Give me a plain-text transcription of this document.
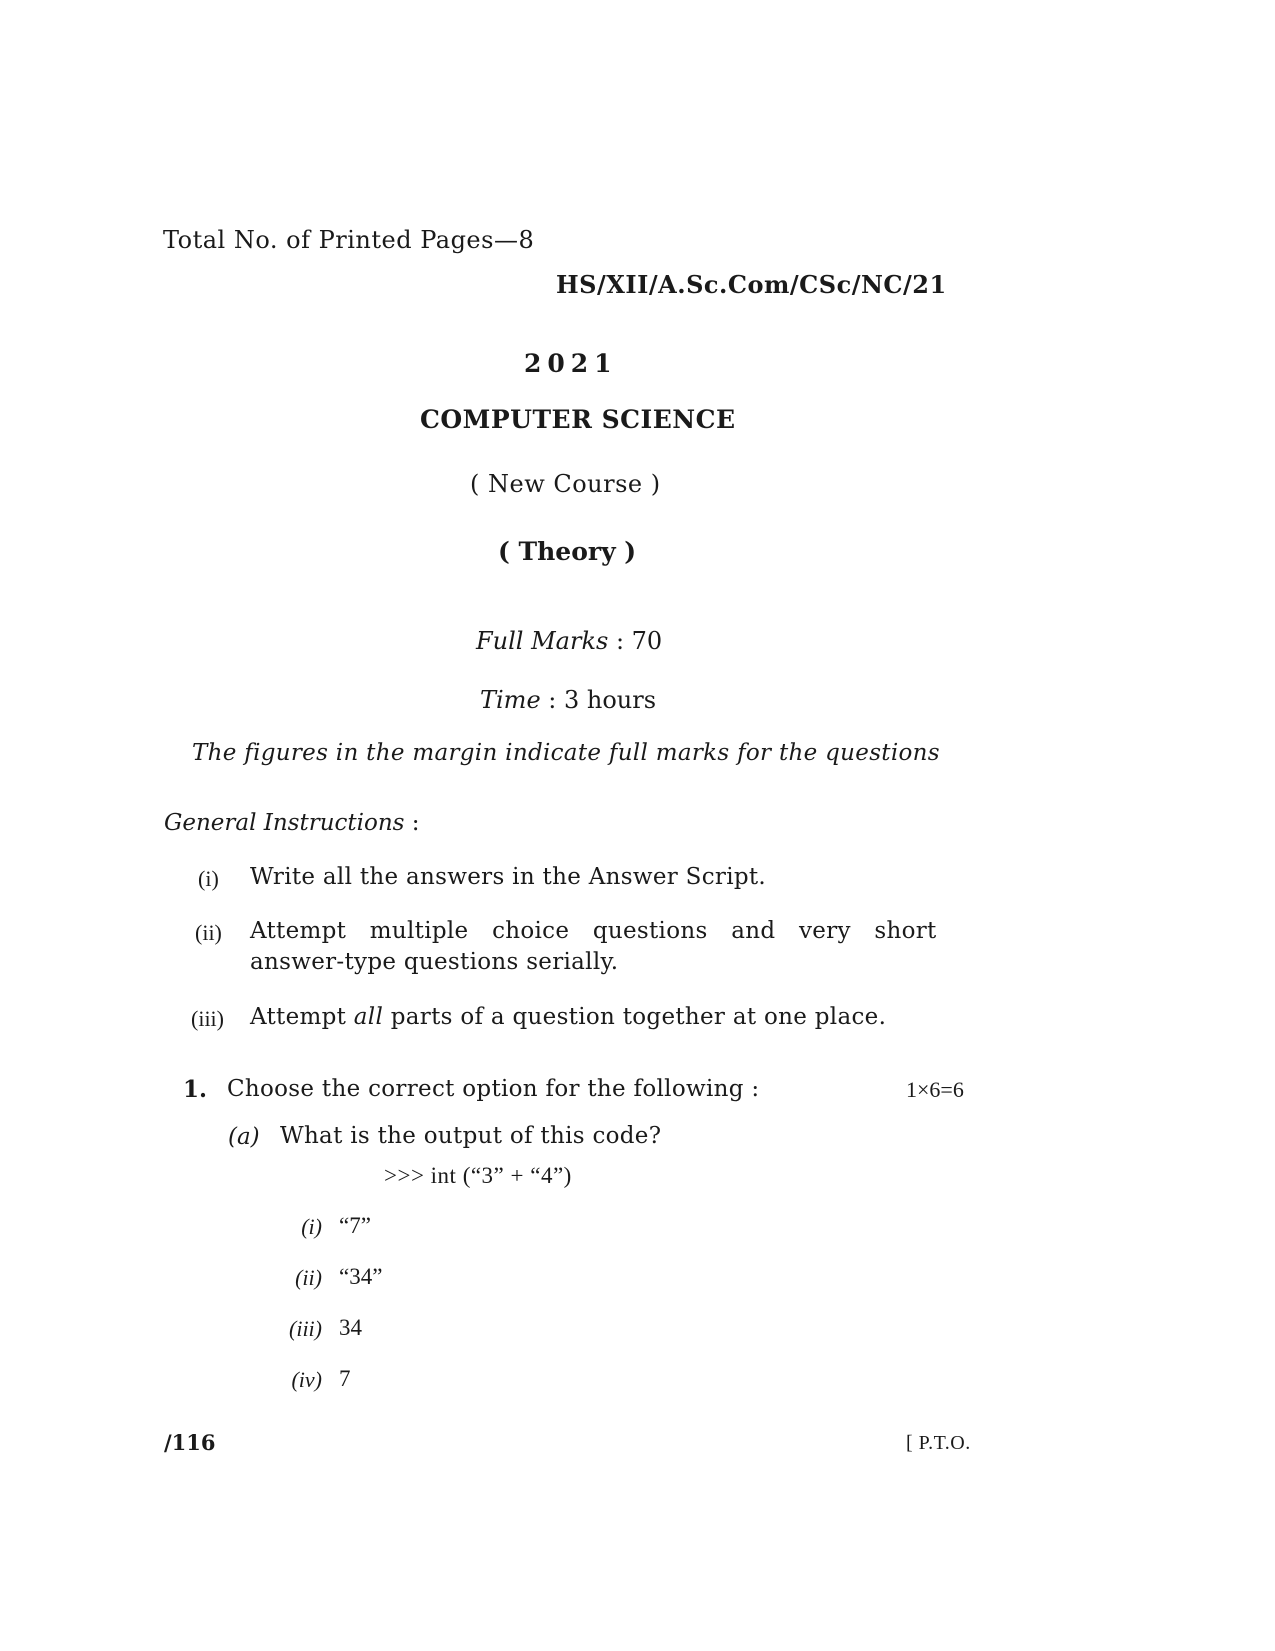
Total No. of Printed Pages—8
HS/XII/A.Sc.Com/CSc/NC/21
2021
COMPUTER SCIENCE
( New Course )
( Theory )
Full Marks : 70
Time : 3 hours
The figures in the margin indicate full marks for the questions
General Instructions :
(i) Write all the answers in the Answer Script.
(ii) Attempt multiple choice questions and very short
answer-type questions serially.
(iii) Attempt all parts of a question together at one place.
1. Choose the correct option for the following :	1×6=6
(a) What is the output of this code?
>>> int (“3” + “4”)
(i) “7”
(ii) “34”
(iii) 34
(iv) 7
/116	[ P.T.O.
